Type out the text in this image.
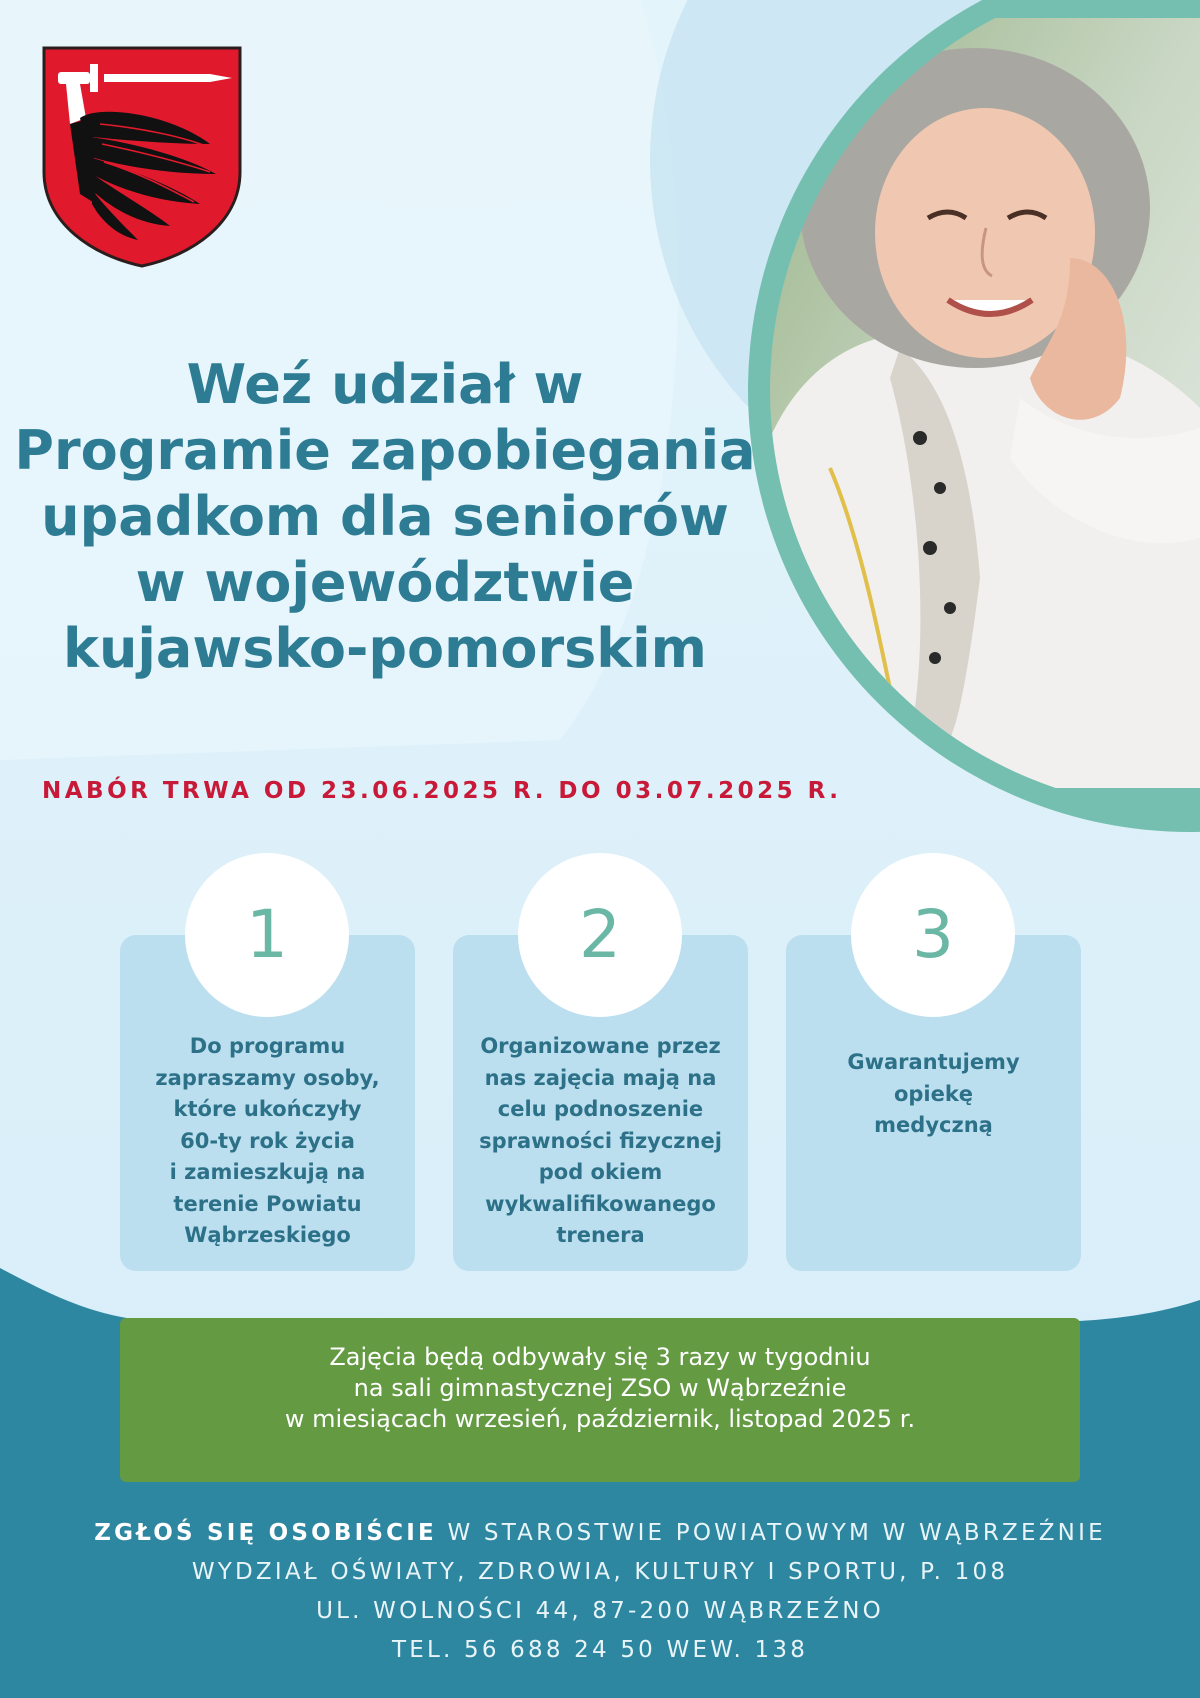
Weź udział w
Programie zapobiegania
upadkom dla seniorów
w województwie
kujawsko-pomorskim
NABÓR TRWA OD 23.06.2025 R. DO 03.07.2025 R.
Do programu
zapraszamy osoby,
które ukończyły
60-ty rok życia
i zamieszkują na
terenie Powiatu
Wąbrzeskiego
Organizowane przez
nas zajęcia mają na
celu podnoszenie
sprawności fizycznej
pod okiem
wykwalifikowanego
trenera
Gwarantujemy
opiekę
medyczną
1	2	3
Zajęcia będą odbywały się 3 razy w tygodniu
na sali gimnastycznej ZSO w Wąbrzeźnie
w miesiącach wrzesień, październik, listopad 2025 r.
ZGŁOŚ SIĘ OSOBIŚCIE W STAROSTWIE POWIATOWYM W WĄBRZEŹNIE
WYDZIAŁ OŚWIATY, ZDROWIA, KULTURY I SPORTU, P. 108
UL. WOLNOŚCI 44, 87-200 WĄBRZEŹNO
TEL. 56 688 24 50 WEW. 138
